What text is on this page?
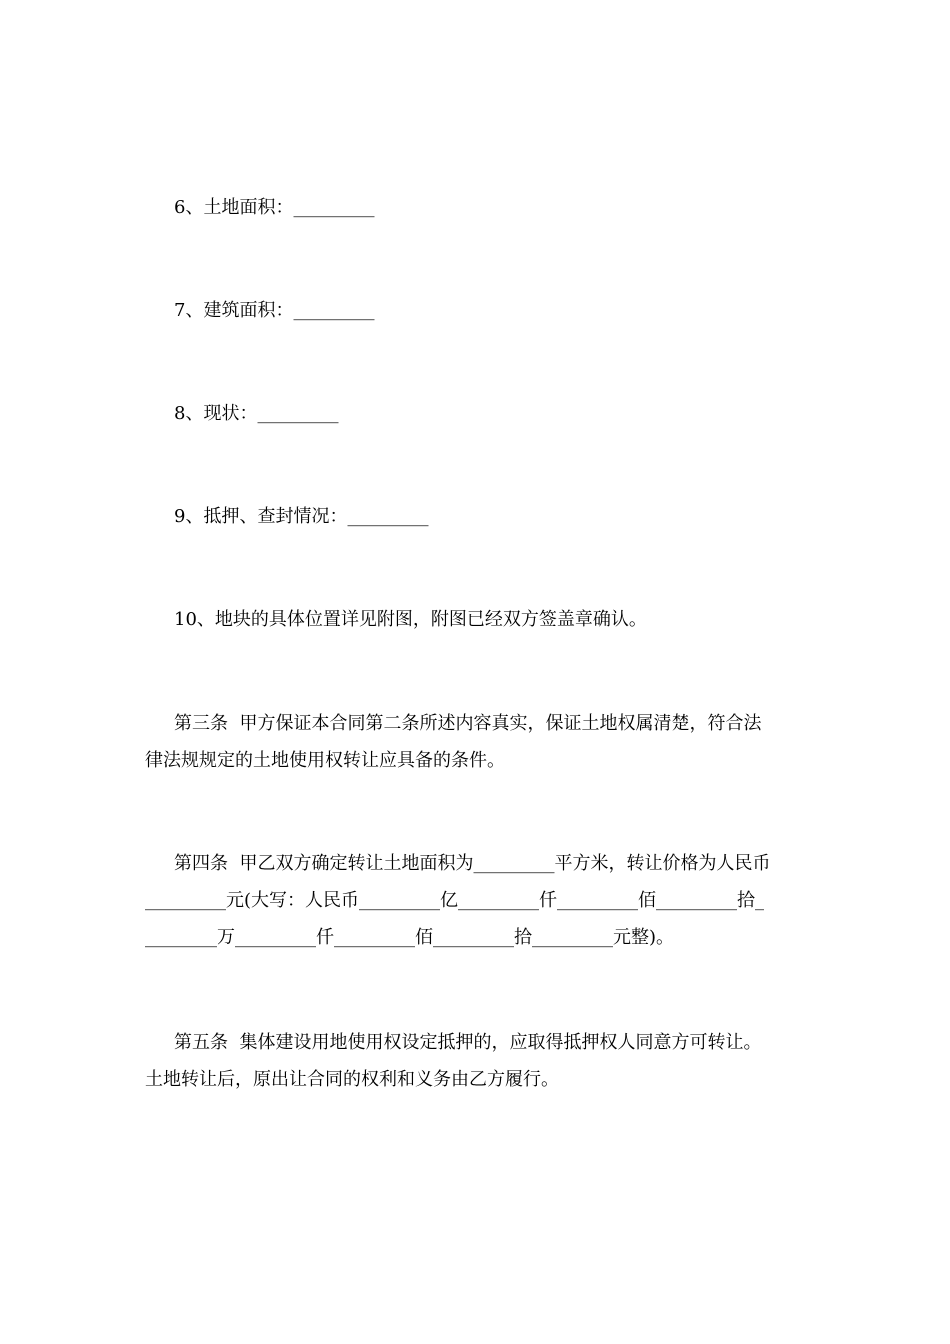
6、土地面积：_________

7、建筑面积：_________

8、现状：_________

9、抵押、查封情况：_________

10、地块的具体位置详见附图，附图已经双方签盖章确认。

第三条  甲方保证本合同第二条所述内容真实，保证土地权属清楚，符合法

律法规规定的土地使用权转让应具备的条件。

第四条  甲乙双方确定转让土地面积为_________平方米，转让价格为人民币

_________元(大写：人民币_________亿_________仟_________佰_________拾_

________万_________仟_________佰_________拾_________元整)。

第五条  集体建设用地使用权设定抵押的，应取得抵押权人同意方可转让。

土地转让后，原出让合同的权利和义务由乙方履行。
